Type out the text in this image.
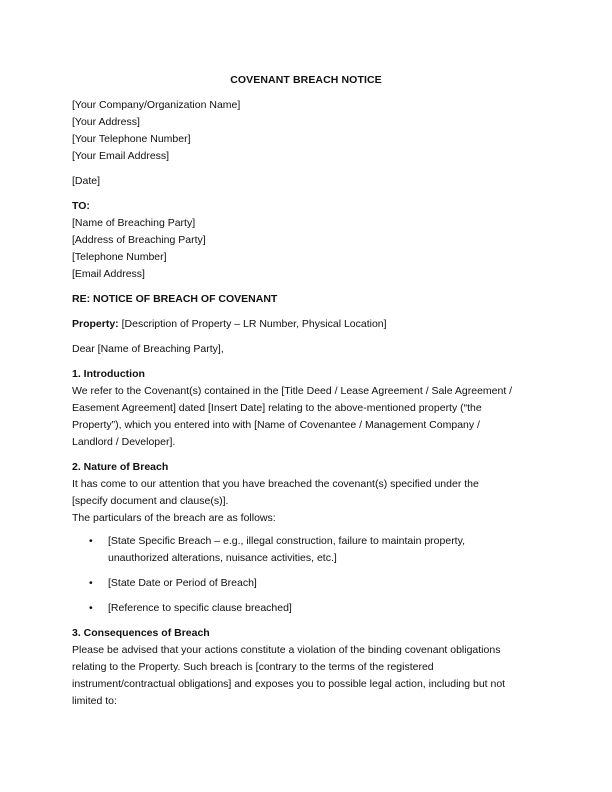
COVENANT BREACH NOTICE
[Your Company/Organization Name]
[Your Address]
[Your Telephone Number]
[Your Email Address]
[Date]
TO:
[Name of Breaching Party]
[Address of Breaching Party]
[Telephone Number]
[Email Address]
RE: NOTICE OF BREACH OF COVENANT
Property: [Description of Property – LR Number, Physical Location]
Dear [Name of Breaching Party],
1. Introduction
We refer to the Covenant(s) contained in the [Title Deed / Lease Agreement / Sale Agreement /
Easement Agreement] dated [Insert Date] relating to the above-mentioned property (“the
Property”), which you entered into with [Name of Covenantee / Management Company /
Landlord / Developer].
2. Nature of Breach
It has come to our attention that you have breached the covenant(s) specified under the
[specify document and clause(s)].
The particulars of the breach are as follows:
• [State Specific Breach – e.g., illegal construction, failure to maintain property,
unauthorized alterations, nuisance activities, etc.]
• [State Date or Period of Breach]
• [Reference to specific clause breached]
3. Consequences of Breach
Please be advised that your actions constitute a violation of the binding covenant obligations
relating to the Property. Such breach is [contrary to the terms of the registered
instrument/contractual obligations] and exposes you to possible legal action, including but not
limited to:
